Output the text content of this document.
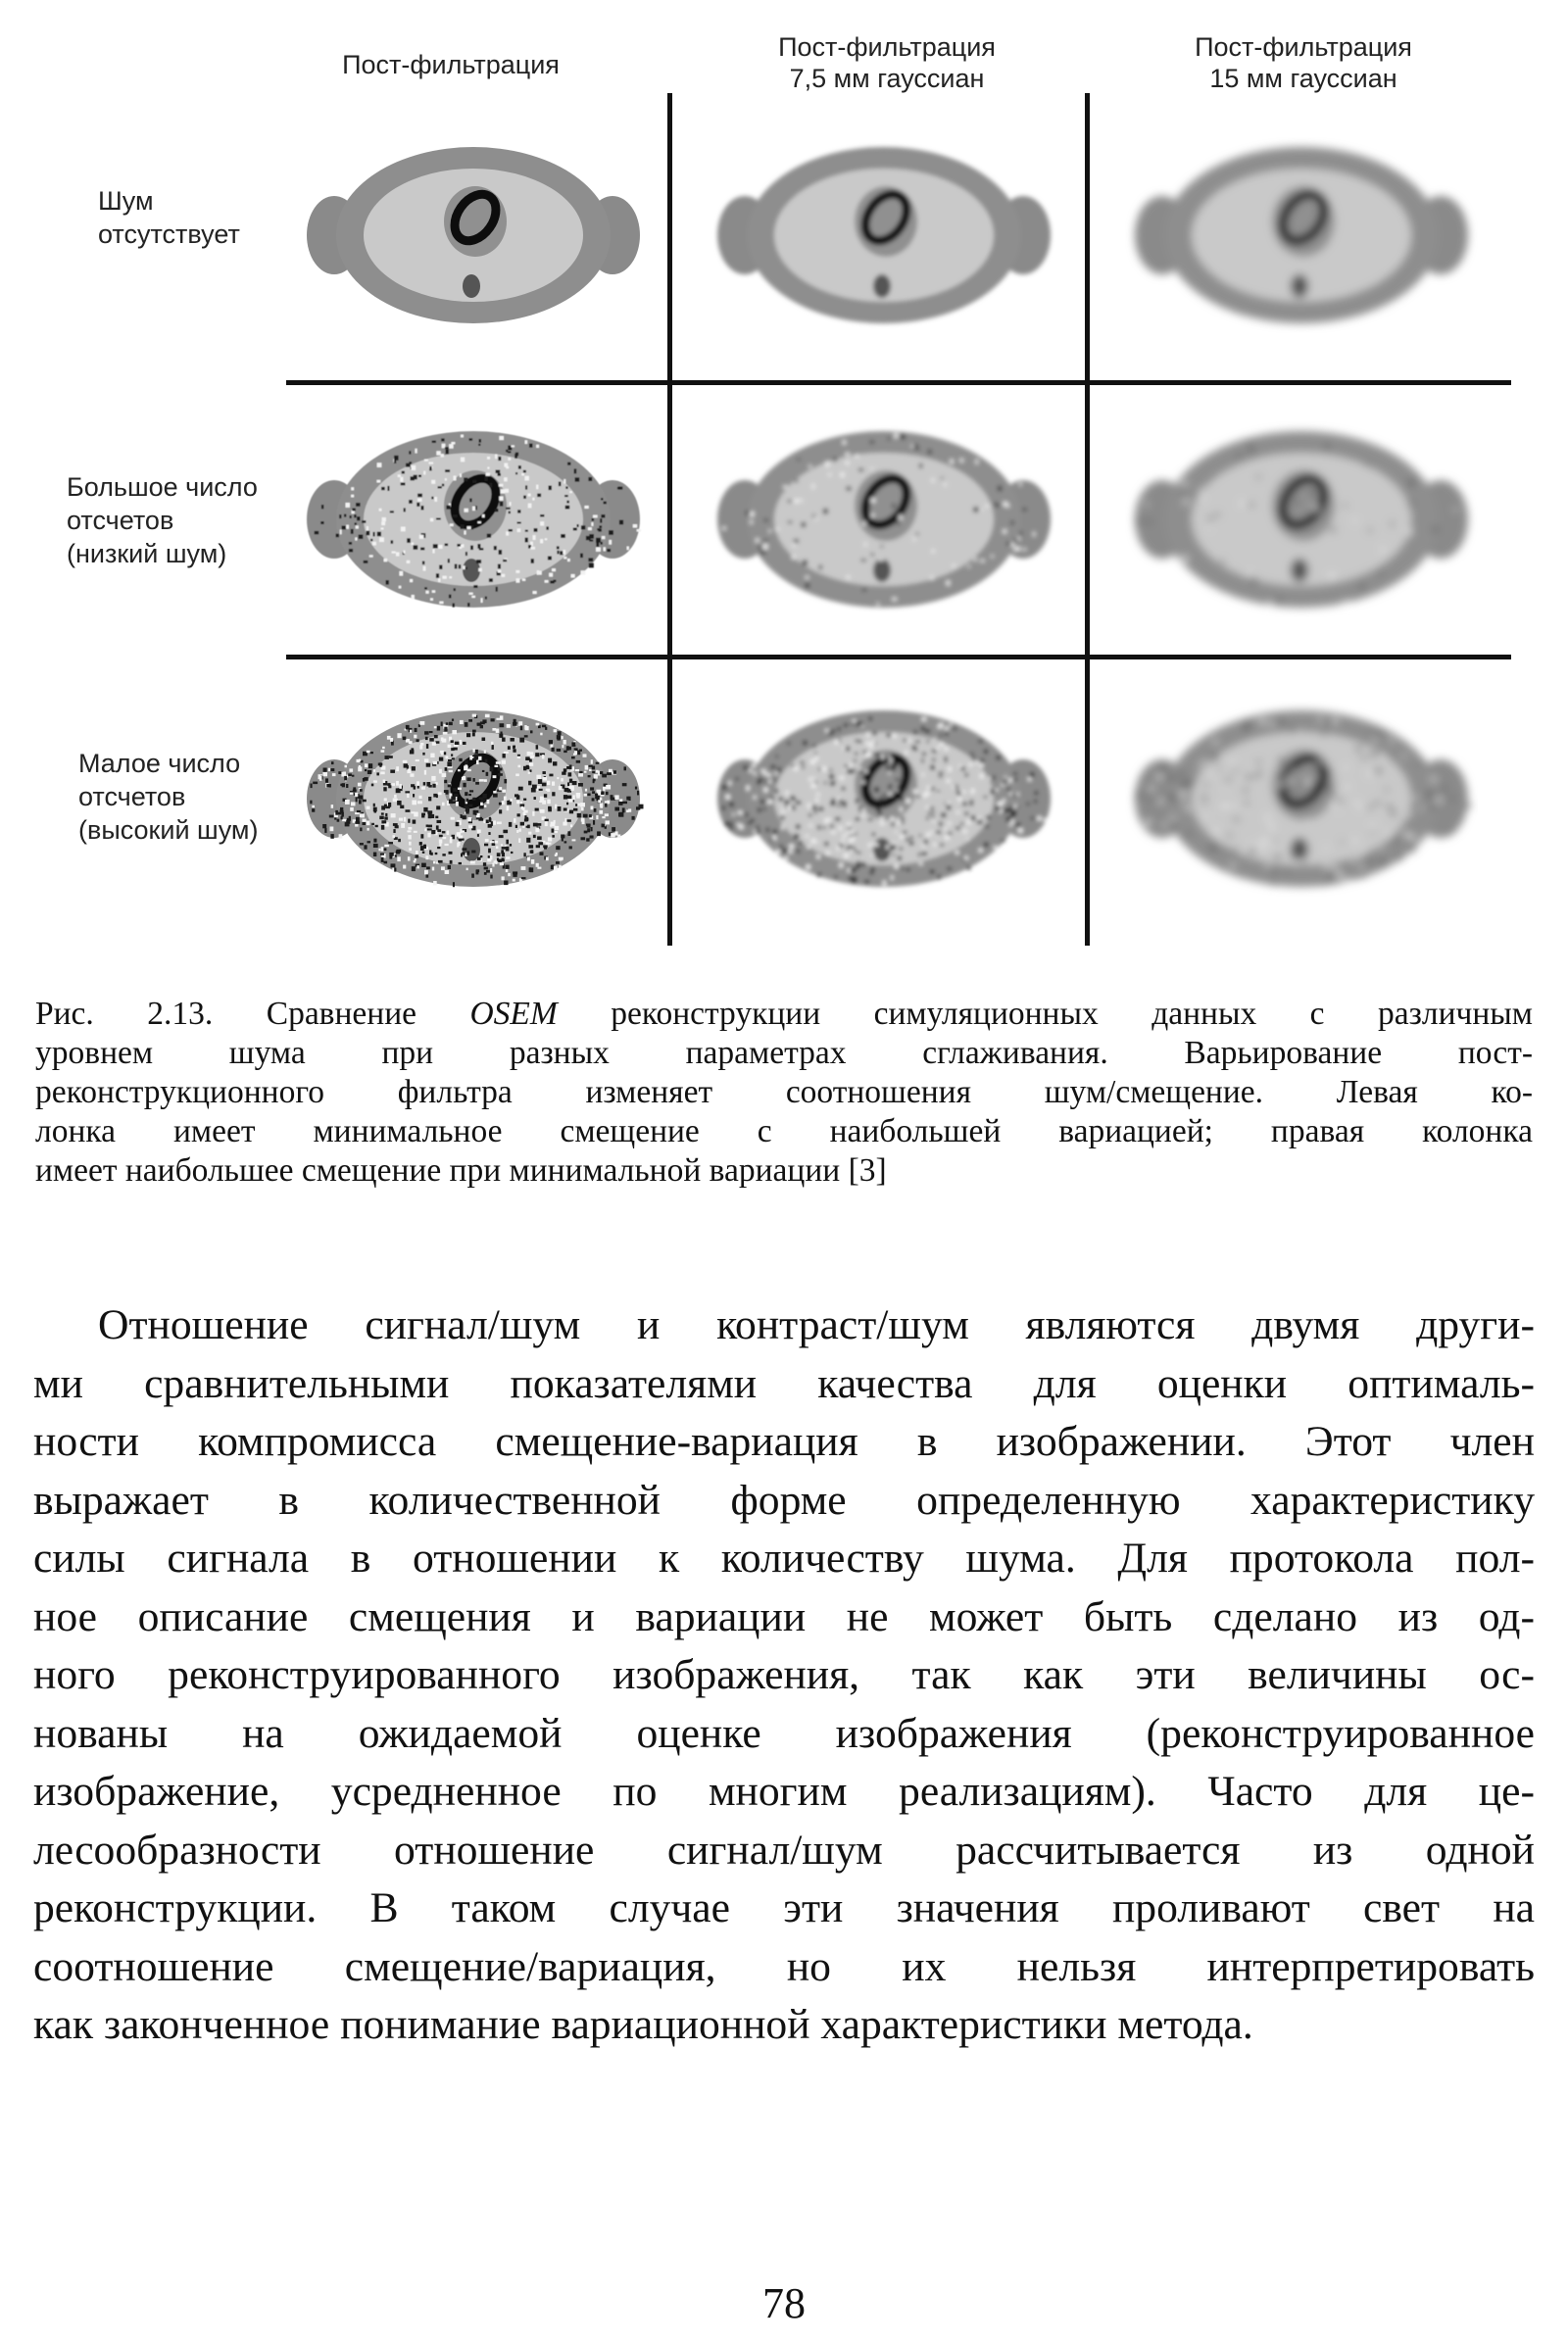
Пост-фильтрация
Пост-фильтрация
7,5 мм гауссиан
Пост-фильтрация
15 мм гауссиан
Шум
отсутствует
Большое число
отсчетов
(низкий шум)
Малое число
отсчетов
(высокий шум)
Рис. 2.13. Сравнение OSEM реконструкции симуляционных данных с различным
уровнем шума при разных параметрах сглаживания. Варьирование пост-
реконструкционного фильтра изменяет соотношения шум/смещение. Левая ко-
лонка имеет минимальное смещение с наибольшей вариацией; правая колонка
имеет наибольшее смещение при минимальной вариации [3]
Отношение сигнал/шум и контраст/шум являются двумя други-
ми сравнительными показателями качества для оценки оптималь-
ности компромисса смещение-вариация в изображении. Этот член
выражает в количественной форме определенную характеристику
силы сигнала в отношении к количеству шума. Для протокола пол-
ное описание смещения и вариации не может быть сделано из од-
ного реконструированного изображения, так как эти величины ос-
нованы на ожидаемой оценке изображения (реконструированное
изображение, усредненное по многим реализациям). Часто для це-
лесообразности отношение сигнал/шум рассчитывается из одной
реконструкции. В таком случае эти значения проливают свет на
соотношение смещение/вариация, но их нельзя интерпретировать
как законченное понимание вариационной характеристики метода.
78
